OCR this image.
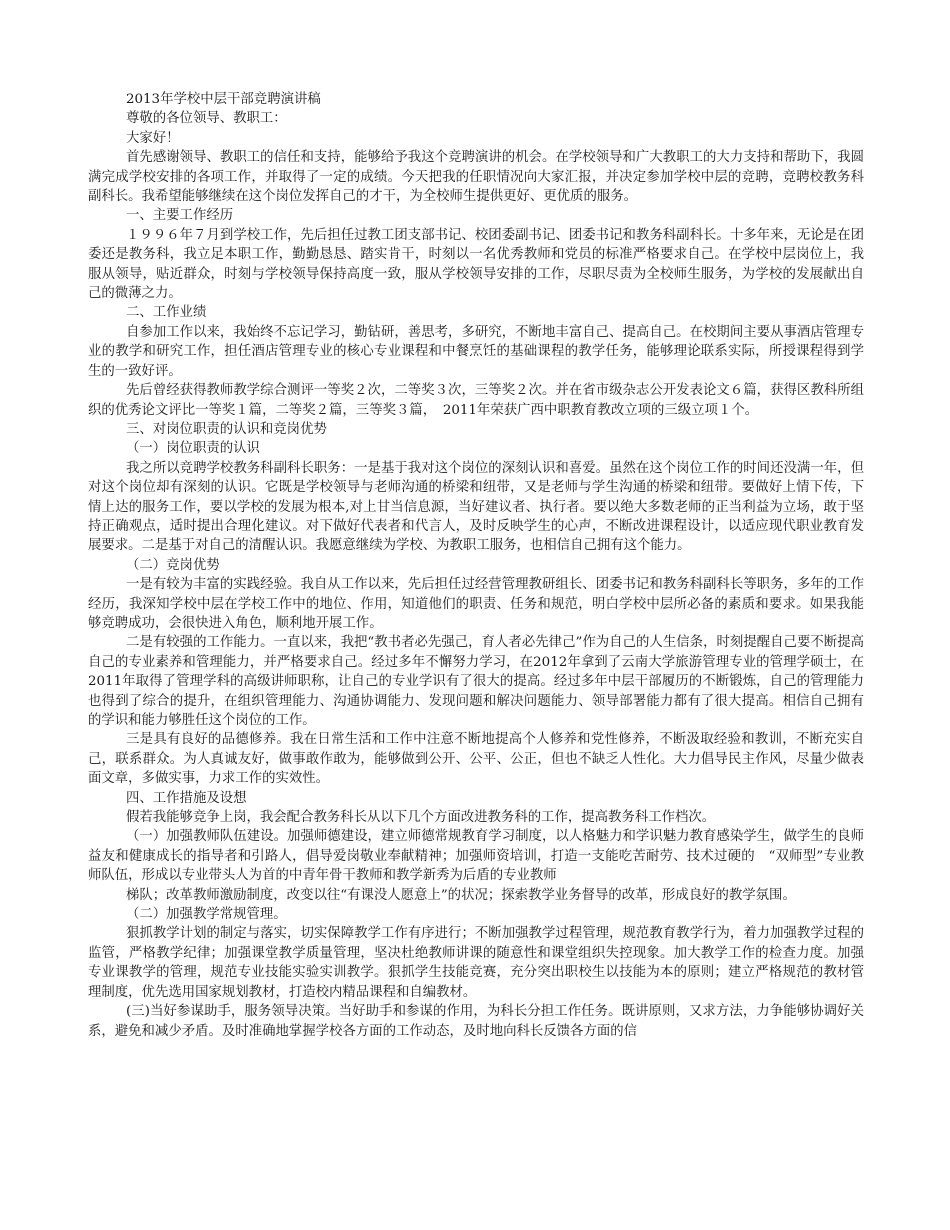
2013年学校中层干部竞聘演讲稿

尊敬的各位领导、教职工：

大家好！

首先感谢领导、教职工的信任和支持，能够给予我这个竞聘演讲的机会。在学校领导和广大教职工的大力支持和帮助下，我圆满完成学校安排的各项工作，并取得了一定的成绩。今天把我的任职情况向大家汇报，并决定参加学校中层的竞聘，竞聘校教务科副科长。我希望能够继续在这个岗位发挥自己的才干，为全校师生提供更好、更优质的服务。

一、主要工作经历

１９９６年７月到学校工作，先后担任过教工团支部书记、校团委副书记、团委书记和教务科副科长。十多年来，无论是在团委还是教务科，我立足本职工作，勤勤恳恳、踏实肯干，时刻以一名优秀教师和党员的标准严格要求自己。在学校中层岗位上，我服从领导，贴近群众，时刻与学校领导保持高度一致，服从学校领导安排的工作，尽职尽责为全校师生服务，为学校的发展献出自己的微薄之力。

二、工作业绩

自参加工作以来，我始终不忘记学习，勤钻研，善思考，多研究，不断地丰富自己、提高自己。在校期间主要从事酒店管理专业的教学和研究工作，担任酒店管理专业的核心专业课程和中餐烹饪的基础课程的教学任务，能够理论联系实际，所授课程得到学生的一致好评。

先后曾经获得教师教学综合测评一等奖２次，二等奖３次，三等奖２次。并在省市级杂志公开发表论文６篇，获得区教科所组织的优秀论文评比一等奖１篇，二等奖２篇，三等奖３篇，　2011年荣获广西中职教育教改立项的三级立项１个。

三、对岗位职责的认识和竞岗优势

（一）岗位职责的认识

我之所以竞聘学校教务科副科长职务：一是基于我对这个岗位的深刻认识和喜爱。虽然在这个岗位工作的时间还没满一年，但对这个岗位却有深刻的认识。它既是学校领导与老师沟通的桥梁和纽带，又是老师与学生沟通的桥梁和纽带。要做好上情下传，下情上达的服务工作，要以学校的发展为根本,对上甘当信息源，当好建议者、执行者。要以绝大多数老师的正当利益为立场，敢于坚持正确观点，适时提出合理化建议。对下做好代表者和代言人，及时反映学生的心声，不断改进课程设计，以适应现代职业教育发展要求。二是基于对自己的清醒认识。我愿意继续为学校、为教职工服务，也相信自己拥有这个能力。

（二）竞岗优势

一是有较为丰富的实践经验。我自从工作以来，先后担任过经营管理教研组长、团委书记和教务科副科长等职务，多年的工作经历，我深知学校中层在学校工作中的地位、作用，知道他们的职责、任务和规范，明白学校中层所必备的素质和要求。如果我能够竞聘成功，会很快进入角色，顺利地开展工作。

二是有较强的工作能力。一直以来，我把“教书者必先强己，育人者必先律己”作为自己的人生信条，时刻提醒自己要不断提高自己的专业素养和管理能力，并严格要求自己。经过多年不懈努力学习，在2012年拿到了云南大学旅游管理专业的管理学硕士，在2011年取得了管理学科的高级讲师职称，让自己的专业学识有了很大的提高。经过多年中层干部履历的不断锻炼，自己的管理能力也得到了综合的提升，在组织管理能力、沟通协调能力、发现问题和解决问题能力、领导部署能力都有了很大提高。相信自己拥有的学识和能力够胜任这个岗位的工作。

三是具有良好的品德修养。我在日常生活和工作中注意不断地提高个人修养和党性修养，不断汲取经验和教训，不断充实自己，联系群众。为人真诚友好，做事敢作敢为，能够做到公开、公平、公正，但也不缺乏人性化。大力倡导民主作风，尽量少做表面文章，多做实事，力求工作的实效性。

四、工作措施及设想

假若我能够竞争上岗，我会配合教务科长从以下几个方面改进教务科的工作，提高教务科工作档次。

（一）加强教师队伍建设。加强师德建设，建立师德常规教育学习制度，以人格魅力和学识魅力教育感染学生，做学生的良师益友和健康成长的指导者和引路人，倡导爱岗敬业奉献精神；加强师资培训，打造一支能吃苦耐劳、技术过硬的　“双师型”专业教师队伍，形成以专业带头人为首的中青年骨干教师和教学新秀为后盾的专业教师

梯队；改革教师激励制度，改变以往“有课没人愿意上”的状况；探索教学业务督导的改革，形成良好的教学氛围。

（二）加强教学常规管理。

狠抓教学计划的制定与落实，切实保障教学工作有序进行；不断加强教学过程管理，规范教育教学行为，着力加强教学过程的监管，严格教学纪律；加强课堂教学质量管理，坚决杜绝教师讲课的随意性和课堂组织失控现象。加大教学工作的检查力度。加强专业课教学的管理，规范专业技能实验实训教学。狠抓学生技能竞赛，充分突出职校生以技能为本的原则；建立严格规范的教材管理制度，优先选用国家规划教材，打造校内精品课程和自编教材。

(三)当好参谋助手，服务领导决策。当好助手和参谋的作用，为科长分担工作任务。既讲原则，又求方法，力争能够协调好关系，避免和减少矛盾。及时准确地掌握学校各方面的工作动态，及时地向科长反馈各方面的信
